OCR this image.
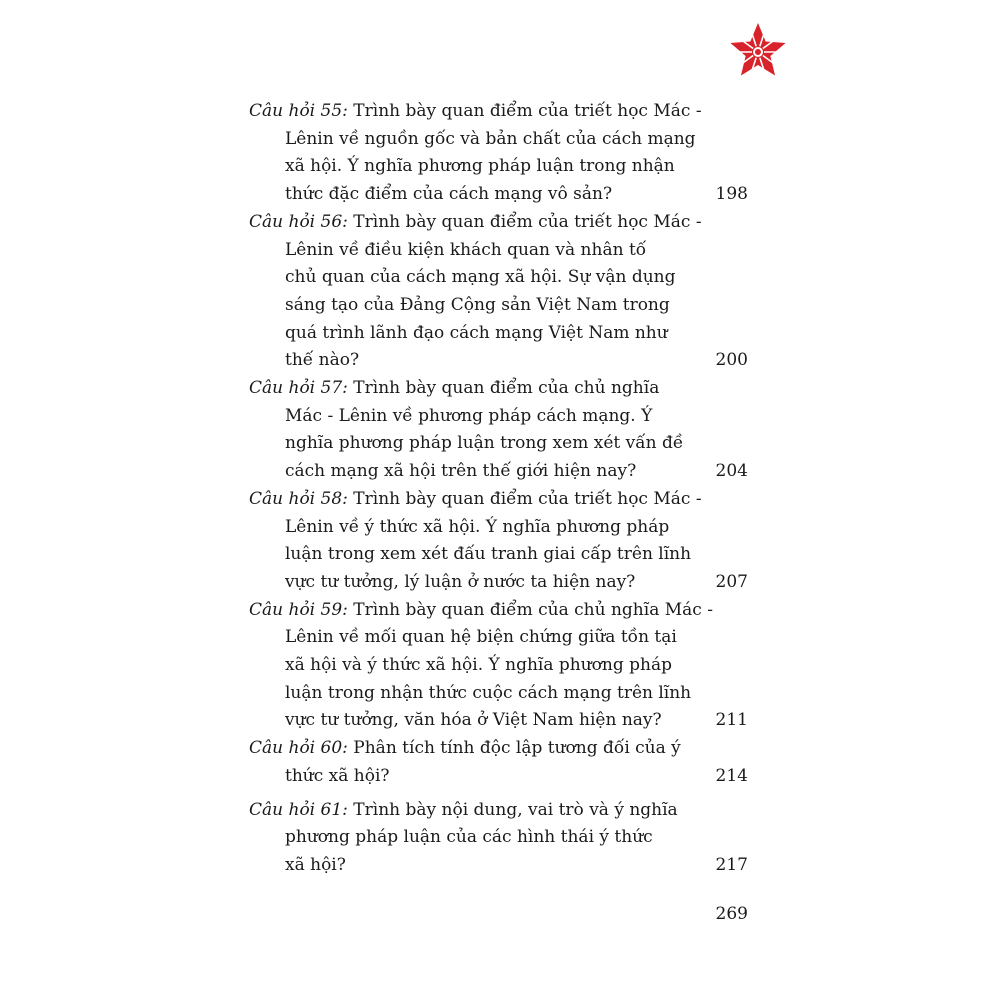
Câu hỏi 55: Trình bày quan điểm của triết học Mác -
Lênin về nguồn gốc và bản chất của cách mạng
xã hội. Ý nghĩa phương pháp luận trong nhận
thức đặc điểm của cách mạng vô sản?	198
Câu hỏi 56: Trình bày quan điểm của triết học Mác -
Lênin về điều kiện khách quan và nhân tố
chủ quan của cách mạng xã hội. Sự vận dụng
sáng tạo của Đảng Cộng sản Việt Nam trong
quá trình lãnh đạo cách mạng Việt Nam như
thế nào?	200
Câu hỏi 57: Trình bày quan điểm của chủ nghĩa
Mác - Lênin về phương pháp cách mạng. Ý
nghĩa phương pháp luận trong xem xét vấn đề
cách mạng xã hội trên thế giới hiện nay?	204
Câu hỏi 58: Trình bày quan điểm của triết học Mác -
Lênin về ý thức xã hội. Ý nghĩa phương pháp
luận trong xem xét đấu tranh giai cấp trên lĩnh
vực tư tưởng, lý luận ở nước ta hiện nay?	207
Câu hỏi 59: Trình bày quan điểm của chủ nghĩa Mác -
Lênin về mối quan hệ biện chứng giữa tồn tại
xã hội và ý thức xã hội. Ý nghĩa phương pháp
luận trong nhận thức cuộc cách mạng trên lĩnh
vực tư tưởng, văn hóa ở Việt Nam hiện nay?	211
Câu hỏi 60: Phân tích tính độc lập tương đối của ý
thức xã hội?	214
Câu hỏi 61: Trình bày nội dung, vai trò và ý nghĩa
phương pháp luận của các hình thái ý thức
xã hội?	217
269
